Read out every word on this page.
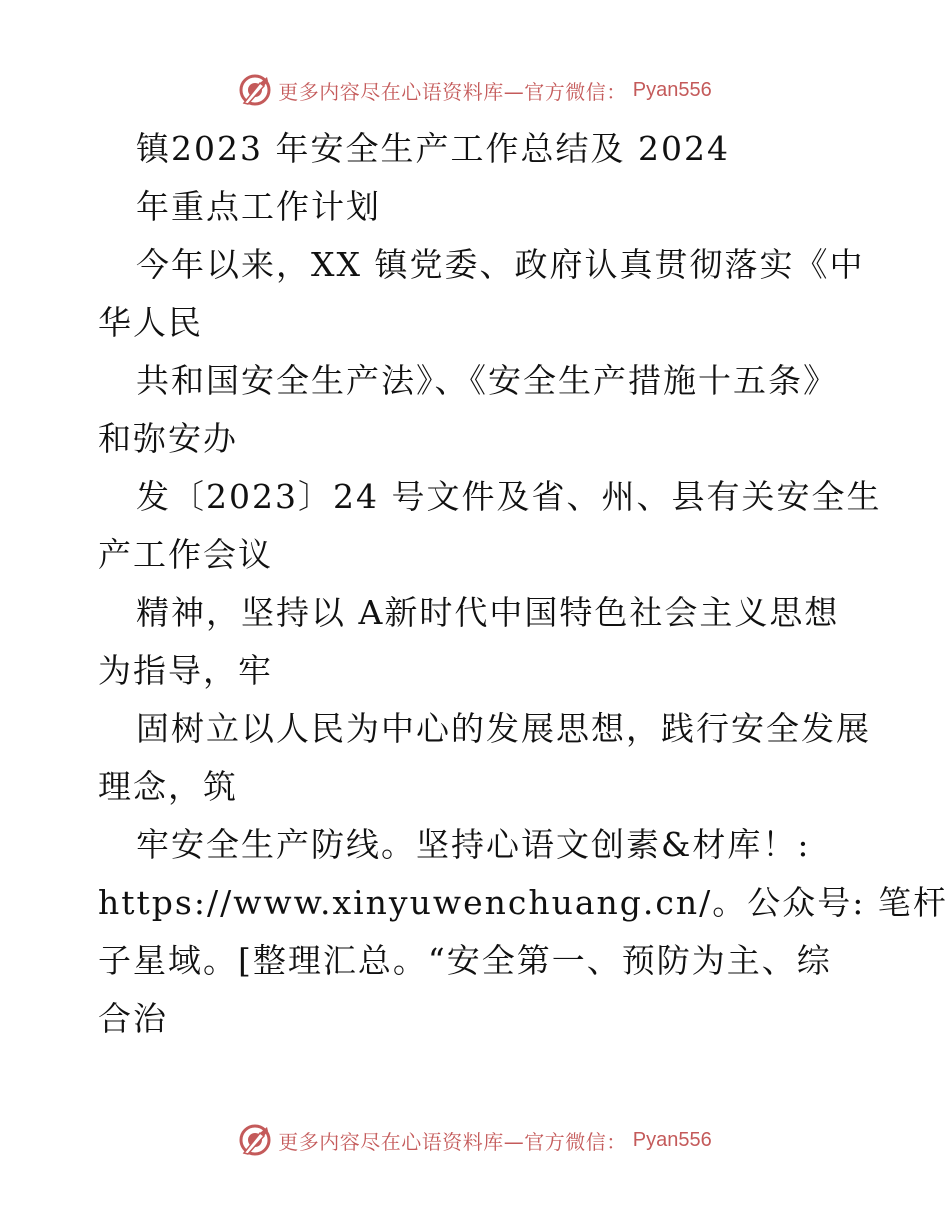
更多内容尽在心语资料库—官方微信： Pyan556
镇2023 年安全生产工作总结及 2024
年重点工作计划
今年以来，XX 镇党委、政府认真贯彻落实《中
华人民
共和国安全生产法》、《安全生产措施十五条》
和弥安办
发〔2023〕24 号文件及省、州、县有关安全生
产工作会议
精神，坚持以 A新时代中国特色社会主义思想
为指导，牢
固树立以人民为中心的发展思想，践行安全发展
理念，筑
牢安全生产防线。坚持心语文创素&材库！:
https://www.xinyuwenchuang.cn/。公众号: 笔杆
子星域。[整理汇总。“安全第一、预防为主、综
合治
更多内容尽在心语资料库—官方微信： Pyan556
